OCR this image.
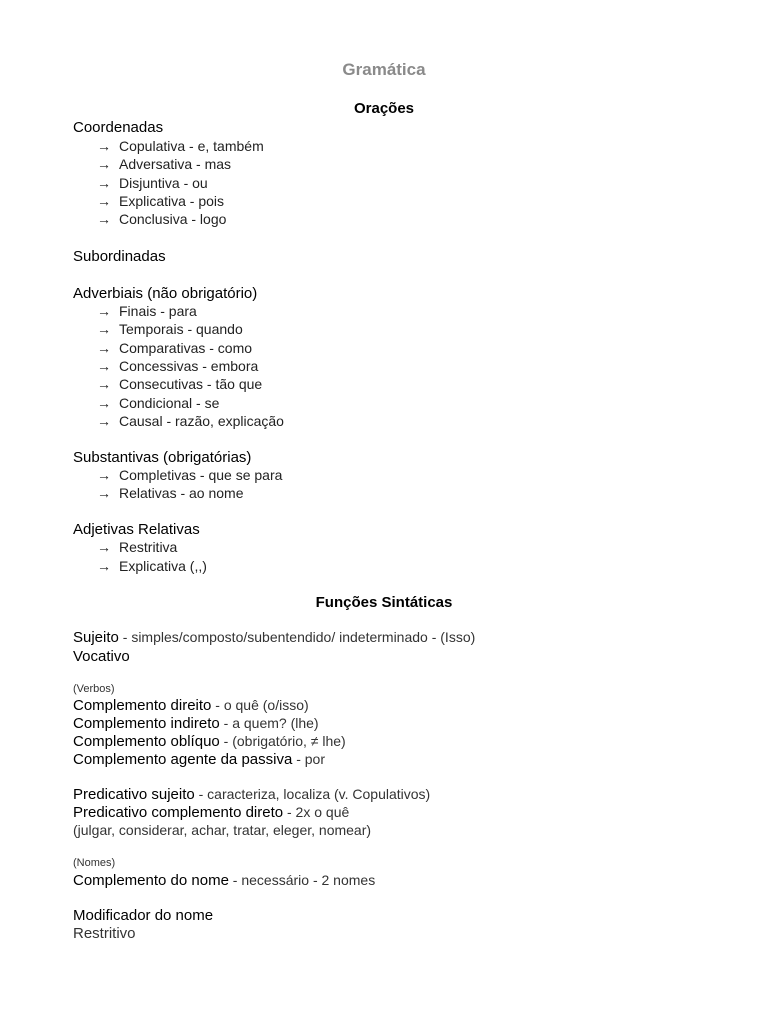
Gramática
Orações
Coordenadas
→ Copulativa - e, também
→ Adversativa - mas
→ Disjuntiva - ou
→ Explicativa - pois
→ Conclusiva - logo
Subordinadas
Adverbiais (não obrigatório)
→ Finais - para
→ Temporais - quando
→ Comparativas - como
→ Concessivas - embora
→ Consecutivas - tão que
→ Condicional - se
→ Causal - razão, explicação
Substantivas (obrigatórias)
→ Completivas - que se para
→ Relativas - ao nome
Adjetivas Relativas
→ Restritiva
→ Explicativa (,,)
Funções Sintáticas
Sujeito - simples/composto/subentendido/ indeterminado - (Isso)
Vocativo
(Verbos)
Complemento direito - o quê (o/isso)
Complemento indireto - a quem? (lhe)
Complemento oblíquo - (obrigatório, ≠ lhe)
Complemento agente da passiva - por
Predicativo sujeito - caracteriza, localiza (v. Copulativos)
Predicativo complemento direto - 2x o quê
(julgar, considerar, achar, tratar, eleger, nomear)
(Nomes)
Complemento do nome - necessário - 2 nomes
Modificador do nome
Restritivo
